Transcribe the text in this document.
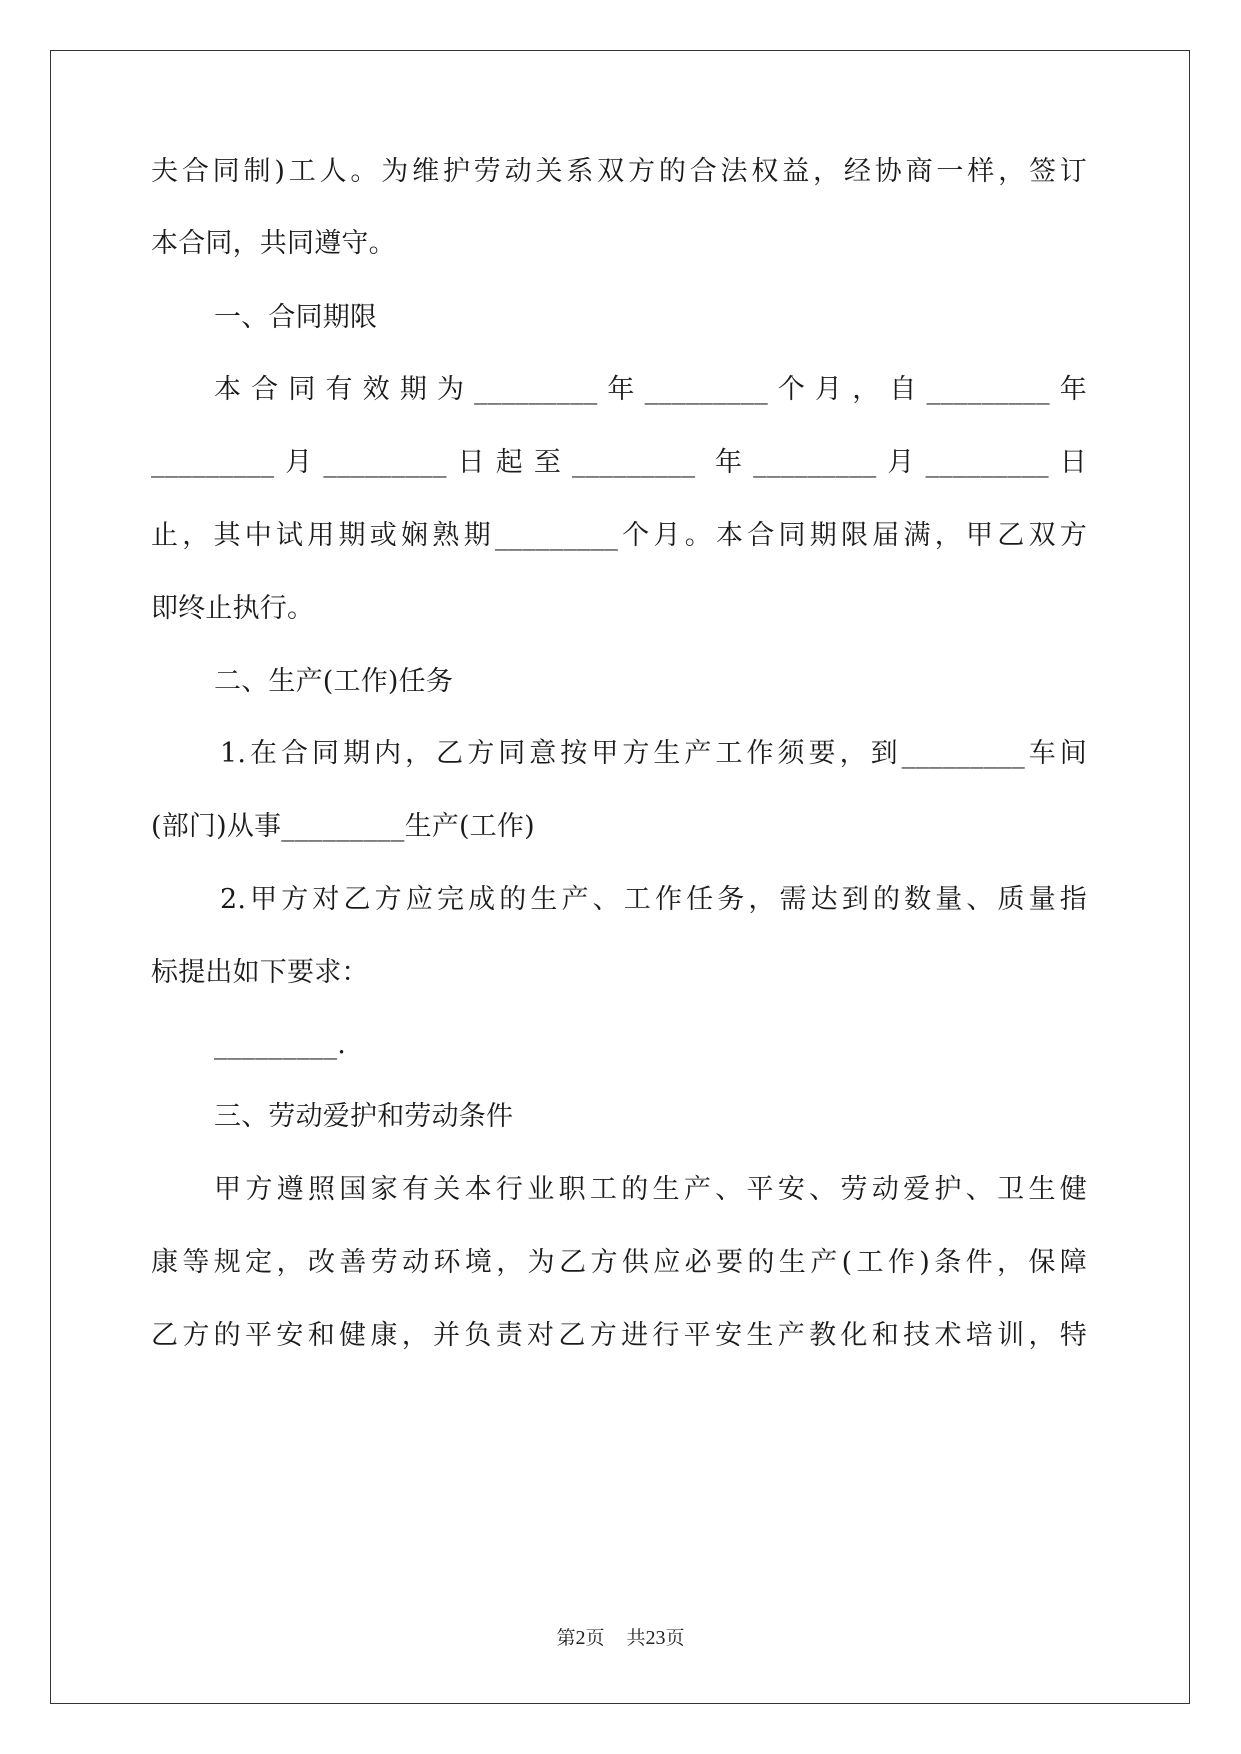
夫合同制)工人。为维护劳动关系双方的合法权益，经协商一样，签订
本合同，共同遵守。
一、合同期限
本合同有效期为_________年_________个月，自_________年
_________月_________日起至_________ 年_________月_________日
止，其中试用期或娴熟期_________个月。本合同期限届满，甲乙双方
即终止执行。
二、生产(工作)任务
1.在合同期内，乙方同意按甲方生产工作须要，到_________车间
(部门)从事_________生产(工作)
2.甲方对乙方应完成的生产、工作任务，需达到的数量、质量指
标提出如下要求：
_________.
三、劳动爱护和劳动条件
甲方遵照国家有关本行业职工的生产、平安、劳动爱护、卫生健
康等规定，改善劳动环境，为乙方供应必要的生产(工作)条件，保障
乙方的平安和健康，并负责对乙方进行平安生产教化和技术培训，特
第2页 共23页
